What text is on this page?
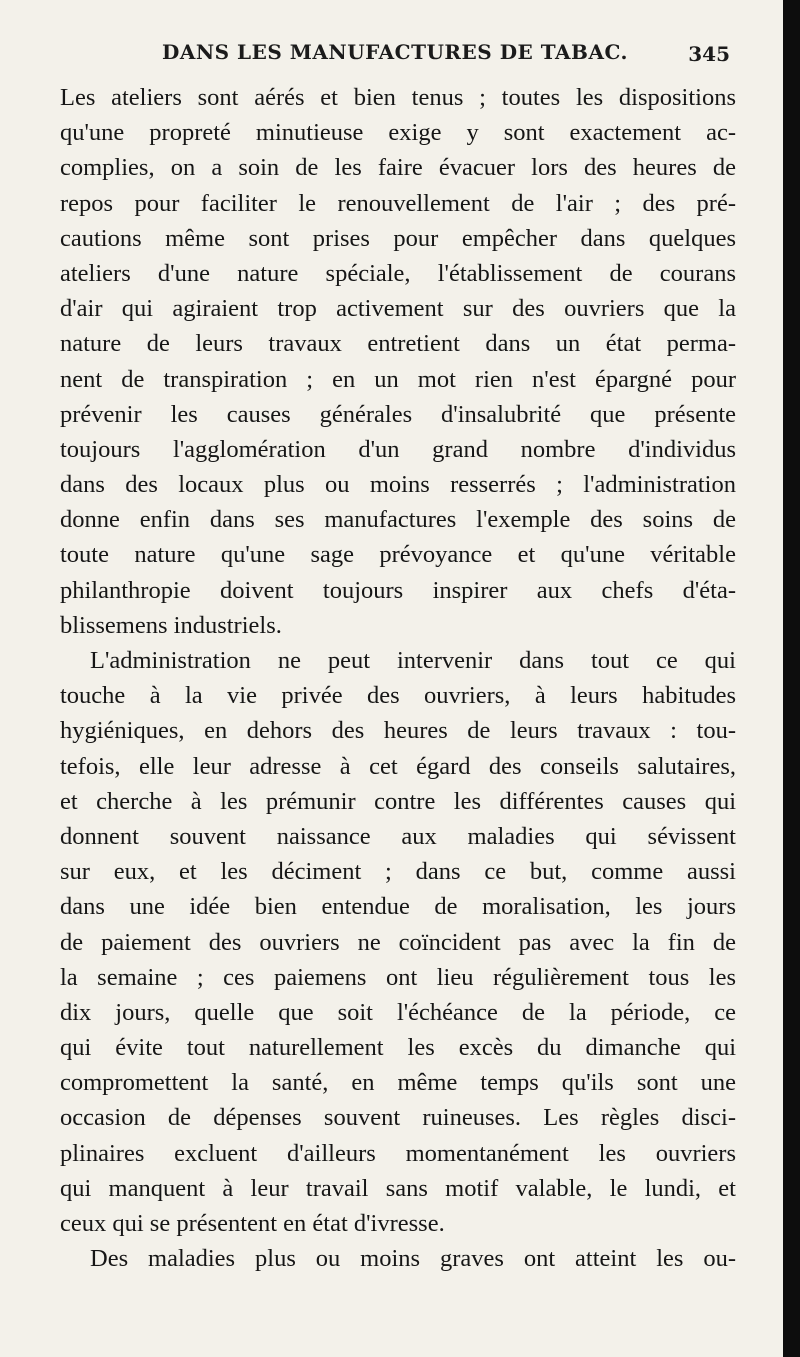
DANS LES MANUFACTURES DE TABAC.	345
Les ateliers sont aérés et bien tenus ; toutes les dispositions
qu'une propreté minutieuse exige y sont exactement ac-
complies, on a soin de les faire évacuer lors des heures de
repos pour faciliter le renouvellement de l'air ; des pré-
cautions même sont prises pour empêcher dans quelques
ateliers d'une nature spéciale, l'établissement de courans
d'air qui agiraient trop activement sur des ouvriers que la
nature de leurs travaux entretient dans un état perma-
nent de transpiration ; en un mot rien n'est épargné pour
prévenir les causes générales d'insalubrité que présente
toujours l'agglomération d'un grand nombre d'individus
dans des locaux plus ou moins resserrés ; l'administration
donne enfin dans ses manufactures l'exemple des soins de
toute nature qu'une sage prévoyance et qu'une véritable
philanthropie doivent toujours inspirer aux chefs d'éta-
blissemens industriels.
L'administration ne peut intervenir dans tout ce qui
touche à la vie privée des ouvriers, à leurs habitudes
hygiéniques, en dehors des heures de leurs travaux : tou-
tefois, elle leur adresse à cet égard des conseils salutaires,
et cherche à les prémunir contre les différentes causes qui
donnent souvent naissance aux maladies qui sévissent
sur eux, et les déciment ; dans ce but, comme aussi
dans une idée bien entendue de moralisation, les jours
de paiement des ouvriers ne coïncident pas avec la fin de
la semaine ; ces paiemens ont lieu régulièrement tous les
dix jours, quelle que soit l'échéance de la période, ce
qui évite tout naturellement les excès du dimanche qui
compromettent la santé, en même temps qu'ils sont une
occasion de dépenses souvent ruineuses. Les règles disci-
plinaires excluent d'ailleurs momentanément les ouvriers
qui manquent à leur travail sans motif valable, le lundi, et
ceux qui se présentent en état d'ivresse.
Des maladies plus ou moins graves ont atteint les ou-
